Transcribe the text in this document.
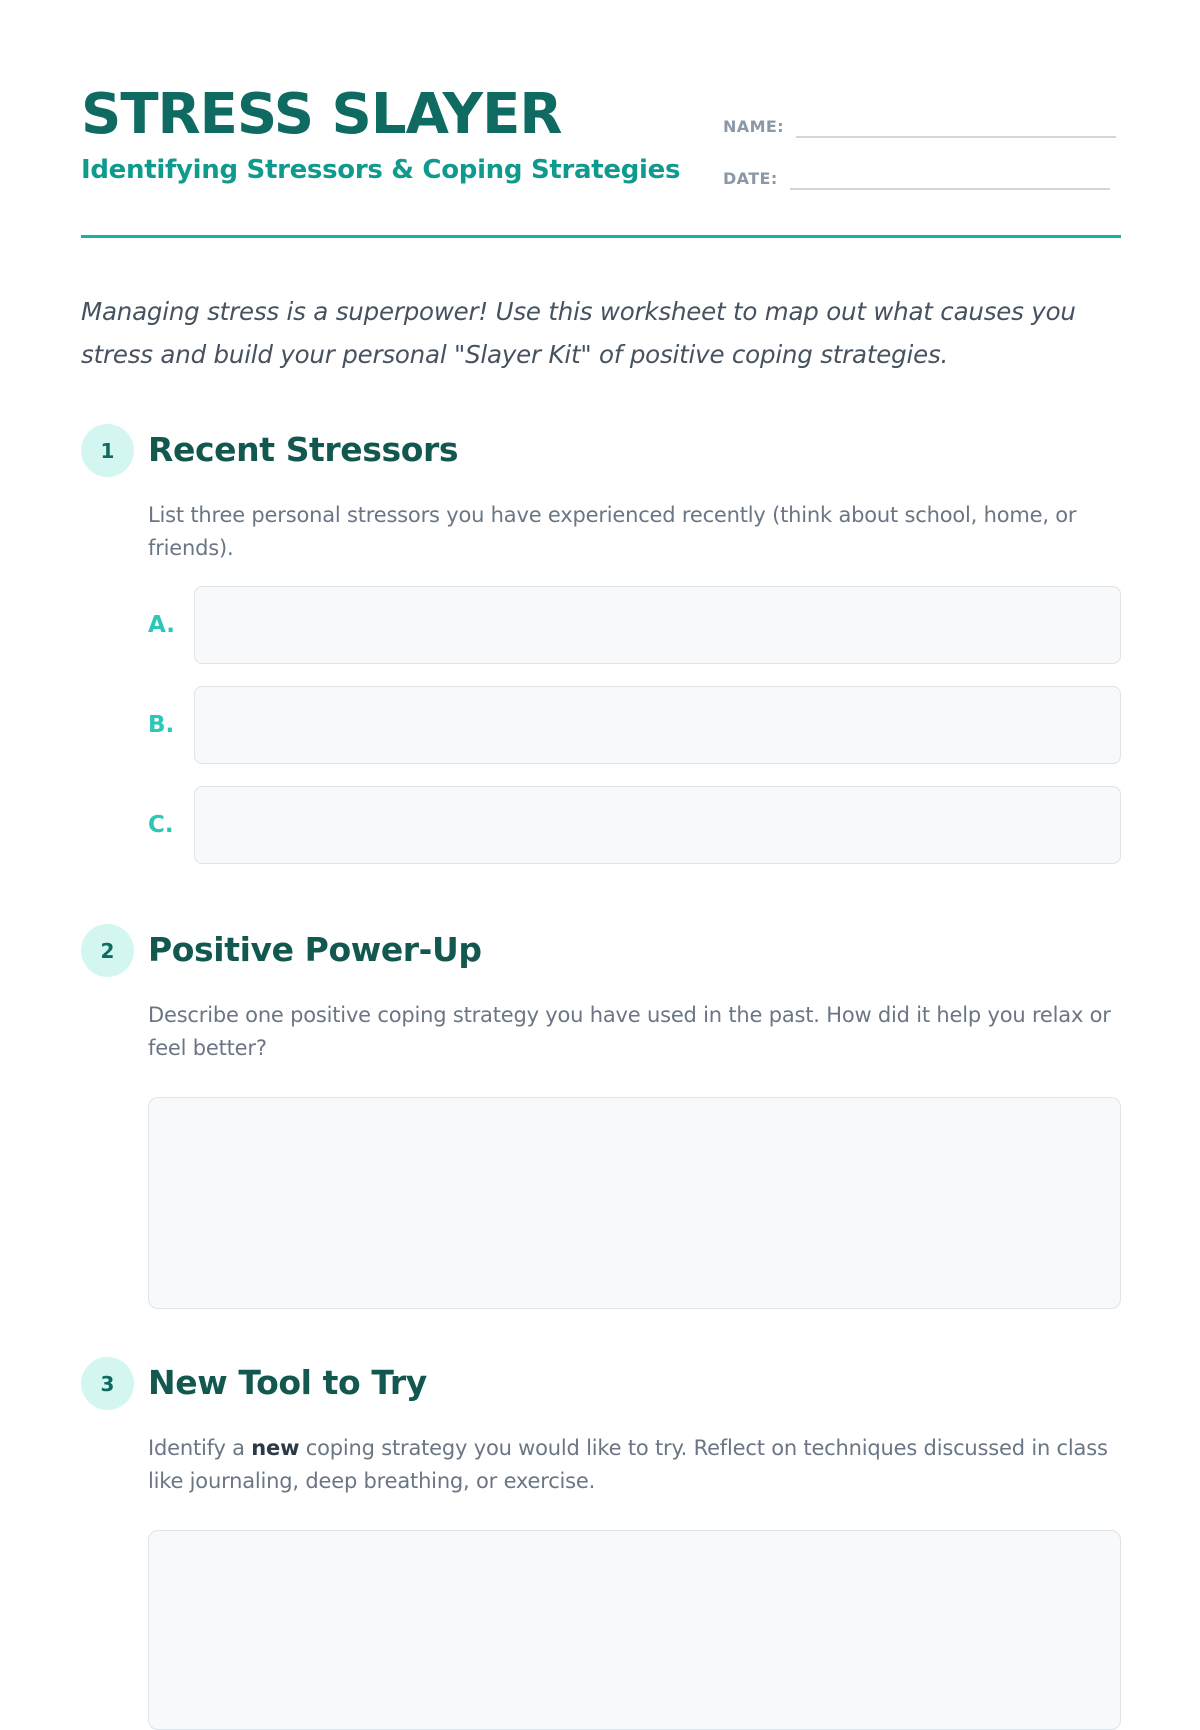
STRESS SLAYER
Identifying Stressors & Coping Strategies
NAME:
DATE:

Managing stress is a superpower! Use this worksheet to map out what causes you stress and build your personal "Slayer Kit" of positive coping strategies.

1	Recent Stressors

List three personal stressors you have experienced recently (think about school, home, or friends).

A.
B.
C.
2	Positive Power-Up

Describe one positive coping strategy you have used in the past. How did it help you relax or feel better?

3	New Tool to Try

Identify a new coping strategy you would like to try. Reflect on techniques discussed in class like journaling, deep breathing, or exercise.
